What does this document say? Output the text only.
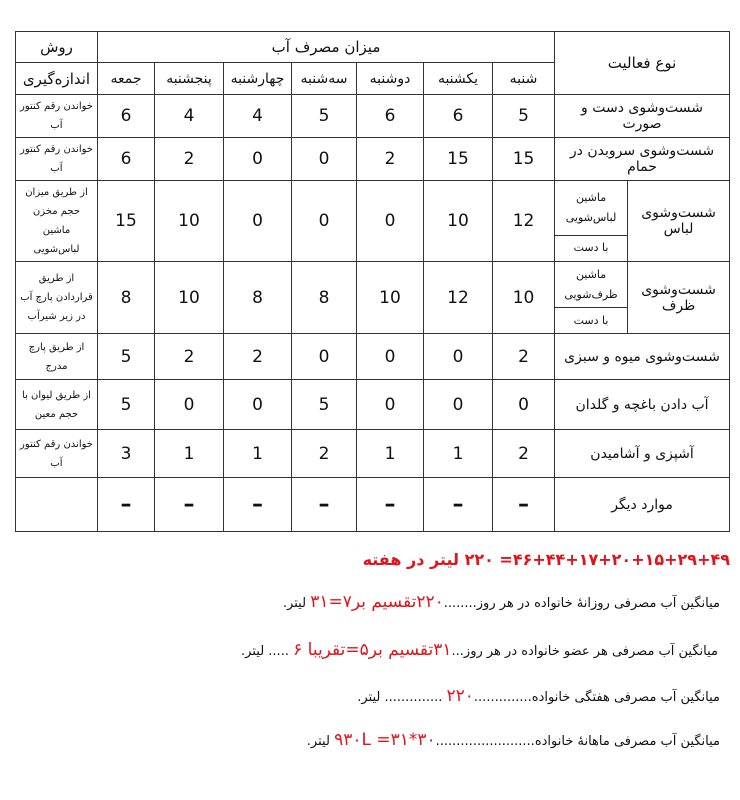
روش	میزان مصرف آب							نوع فعالیت	
اندازه‌گیری	جمعه	پنجشنبه	چهارشنبه	سه‌شنبه	دوشنبه	یکشنبه	شنبه		
خواندن رقم کنتور آب	6	4	4	5	6	6	5	شست‌وشوی دست و صورت	
خواندن رقم کنتور آب	6	2	0	0	2	15	15	شست‌وشوی سروبدن در حمام	
از طریق میزان حجم مخزن ماشین لباس‌شویی	15	10	0	0	0	10	12	ماشین لباس‌شویی	شست‌وشوی لباس
								با دست	
از طریق قراردادن پارچ آب در زیر شیرآب	8	10	8	8	10	12	10	ماشین ظرف‌شویی	شست‌وشوی ظرف
								با دست	
از طریق پارچ مدرج	5	2	2	0	0	0	2	شست‌وشوی میوه و سبزی	
از طریق لیوان با حجم معین	5	0	0	5	0	0	0	آب دادن باغچه و گلدان	
خواندن رقم کنتور آب	3	1	1	2	1	1	2	آشپزی و آشامیدن	
	–	–	–	–	–	–	–	موارد دیگر	
۴۶+۴۴+۱۷+۲۰+۱۵+۲۹+۴۹= ۲۲۰ لیتر در هفته
میانگین آب مصرفی روزانهٔ خانواده در هر روز........۲۲۰تقسیم بر۷=۳۱ لیتر.
میانگین آب مصرفی هر عضو خانواده در هر روز...۳۱تقسیم بر۵=تقریبا ۶ ..... لیتر.
میانگین آب مصرفی هفتگی خانواده..............۲۲۰ .............. لیتر.
میانگین آب مصرفی ماهانهٔ خانواده........................۳۰*۳۱= ۹۳۰L لیتر.
